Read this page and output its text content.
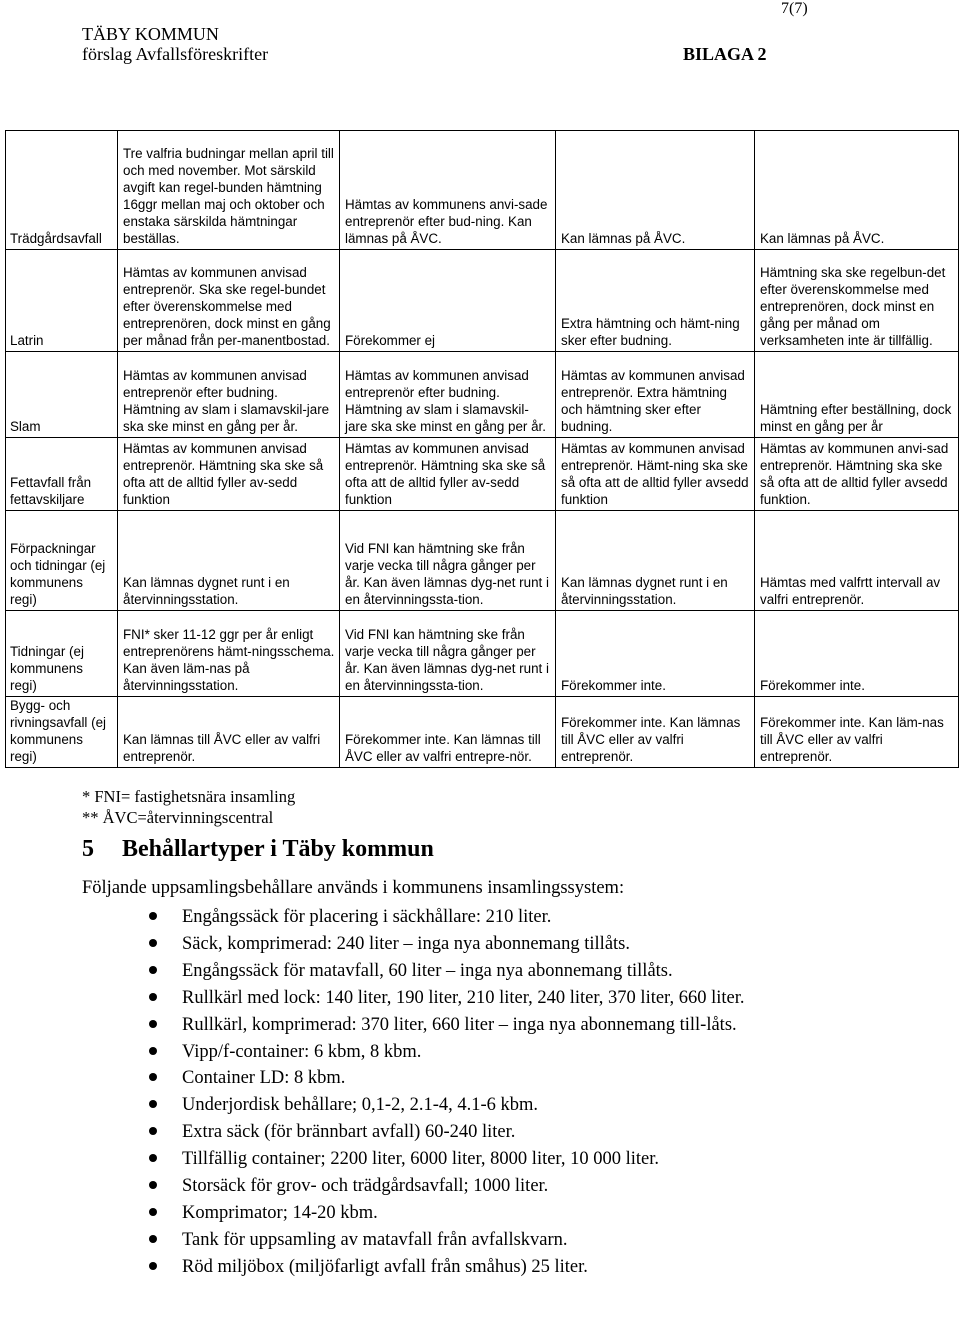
7(7)
TÄBY KOMMUN
förslag Avfallsföreskrifter	BILAGA 2
Trädgårdsavfall	Tre valfria budningar mellan april till och med november. Mot särskild avgift kan regel-bunden hämtning 16ggr mellan maj och oktober och enstaka särskilda hämtningar beställas.	Hämtas av kommunens anvi-sade entreprenör efter bud-ning. Kan lämnas på ÅVC.	Kan lämnas på ÅVC.	Kan lämnas på ÅVC.
Latrin	Hämtas av kommunen anvisad entreprenör. Ska ske regel-bundet efter överenskommelse med entreprenören, dock minst en gång per månad från per-manentbostad.	Förekommer ej	Extra hämtning och hämt-ning sker efter budning.	Hämtning ska ske regelbun-det efter överenskommelse med entreprenören, dock minst en gång per månad om verksamheten inte är tillfällig.
Slam	Hämtas av kommunen anvisad entreprenör efter budning. Hämtning av slam i slamavskil-jare ska ske minst en gång per år.	Hämtas av kommunen anvisad entreprenör efter budning. Hämtning av slam i slamavskil-jare ska ske minst en gång per år.	Hämtas av kommunen anvisad entreprenör. Extra hämtning och hämtning sker efter budning.	Hämtning efter beställning, dock minst en gång per år
Fettavfall från fettavskiljare	Hämtas av kommunen anvisad entreprenör. Hämtning ska ske så ofta att de alltid fyller av-sedd funktion	Hämtas av kommunen anvisad entreprenör. Hämtning ska ske så ofta att de alltid fyller av-sedd funktion	Hämtas av kommunen anvisad entreprenör. Hämt-ning ska ske så ofta att de alltid fyller avsedd funktion	Hämtas av kommunen anvi-sad entreprenör. Hämtning ska ske så ofta att de alltid fyller avsedd funktion.
Förpackningar och tidningar (ej kommunens regi)	Kan lämnas dygnet runt i en återvinningsstation.	Vid FNI kan hämtning ske från varje vecka till några gånger per år. Kan även lämnas dyg-net runt i en återvinningssta-tion.	Kan lämnas dygnet runt i en återvinningsstation.	Hämtas med valfrtt intervall av valfri entreprenör.
Tidningar (ej kommunens regi)	FNI* sker 11-12 ggr per år enligt entreprenörens hämt-ningsschema. Kan även läm-nas på återvinningsstation.	Vid FNI kan hämtning ske från varje vecka till några gånger per år. Kan även lämnas dyg-net runt i en återvinningssta-tion.	Förekommer inte.	Förekommer inte.
Bygg- och rivningsavfall (ej kommunens regi)	Kan lämnas till ÅVC eller av valfri entreprenör.	Förekommer inte. Kan lämnas till ÅVC eller av valfri entrepre-nör.	Förekommer inte. Kan lämnas till ÅVC eller av valfri entreprenör.	Förekommer inte. Kan läm-nas till ÅVC eller av valfri entreprenör.
* FNI= fastighetsnära insamling
** ÅVC=återvinningscentral
5 Behållartyper i Täby kommun
Följande uppsamlingsbehållare används i kommunens insamlingssystem:
Engångssäck för placering i säckhållare: 210 liter.
Säck, komprimerad: 240 liter – inga nya abonnemang tillåts.
Engångssäck för matavfall, 60 liter – inga nya abonnemang tillåts.
Rullkärl med lock: 140 liter, 190 liter, 210 liter, 240 liter, 370 liter, 660 liter.
Rullkärl, komprimerad: 370 liter, 660 liter – inga nya abonnemang till-låts.
Vipp/f-container: 6 kbm, 8 kbm.
Container LD: 8 kbm.
Underjordisk behållare; 0,1-2, 2.1-4, 4.1-6 kbm.
Extra säck (för brännbart avfall) 60-240 liter.
Tillfällig container; 2200 liter, 6000 liter, 8000 liter, 10 000 liter.
Storsäck för grov- och trädgårdsavfall; 1000 liter.
Komprimator; 14-20 kbm.
Tank för uppsamling av matavfall från avfallskvarn.
Röd miljöbox (miljöfarligt avfall från småhus) 25 liter.
